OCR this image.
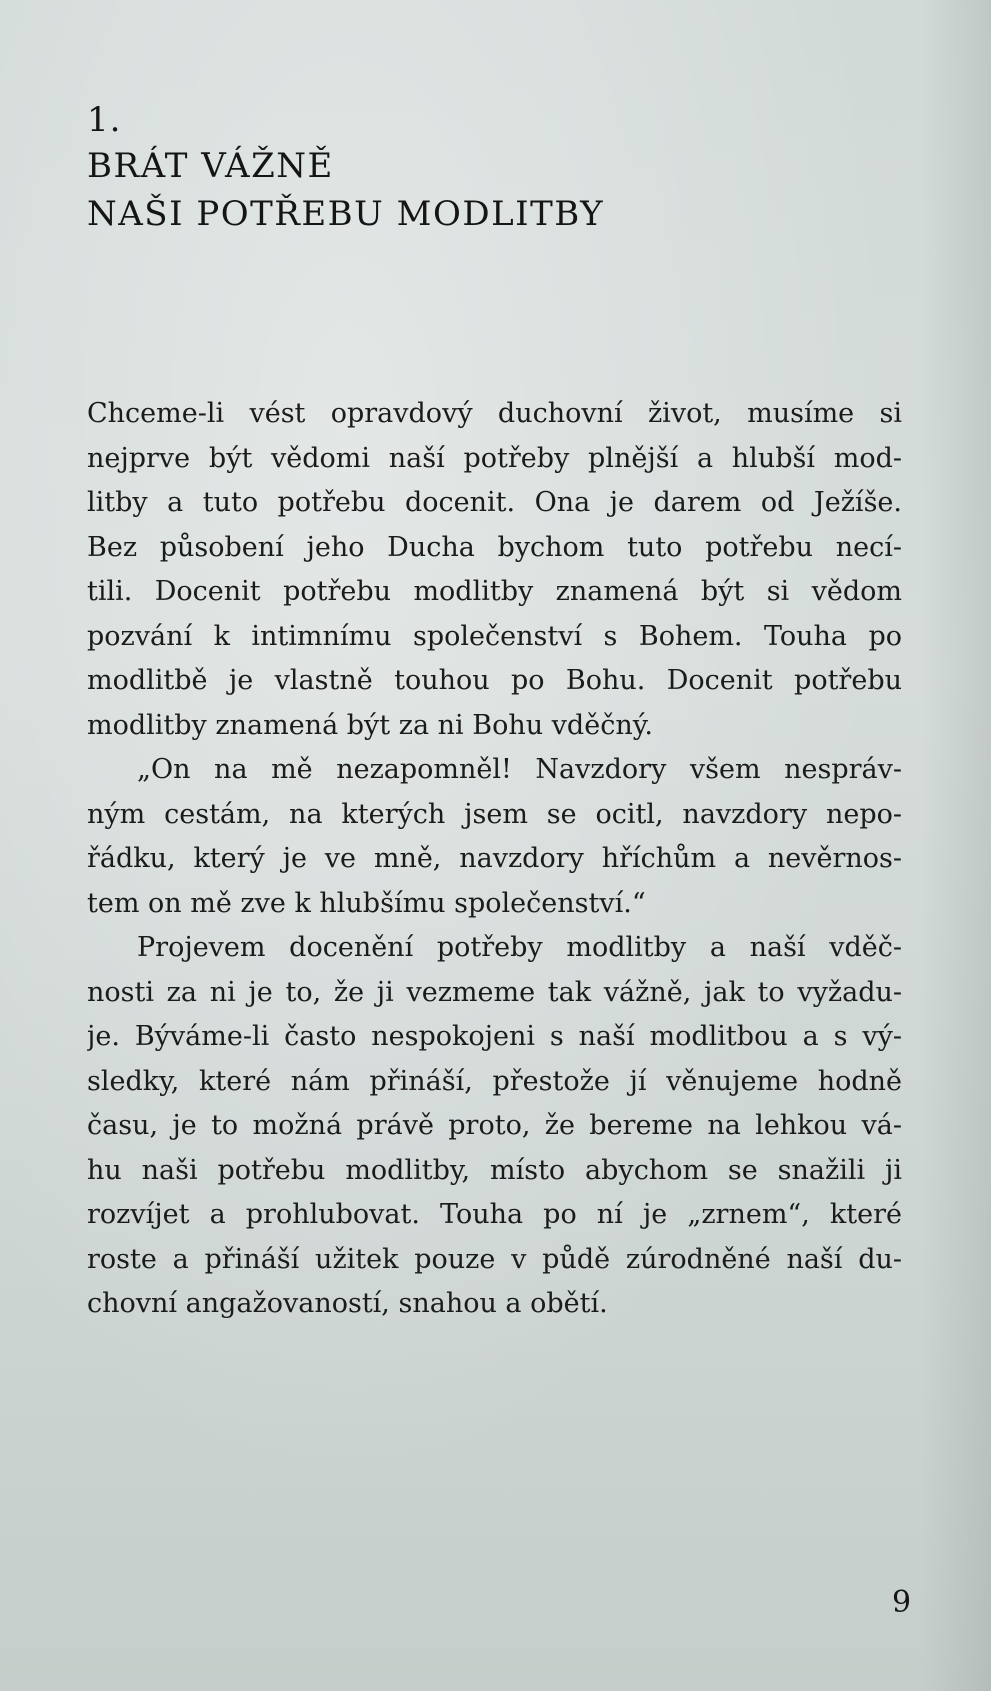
1.
BRÁT VÁŽNĚ
NAŠI POTŘEBU MODLITBY

Chceme-li vést opravdový duchovní život, musíme si
nejprve být vědomi naší potřeby plnější a hlubší mod-
litby a tuto potřebu docenit. Ona je darem od Ježíše.
Bez působení jeho Ducha bychom tuto potřebu necí-
tili. Docenit potřebu modlitby znamená být si vědom
pozvání k intimnímu společenství s Bohem. Touha po
modlitbě je vlastně touhou po Bohu. Docenit potřebu
modlitby znamená být za ni Bohu vděčný.

„On na mě nezapomněl! Navzdory všem nespráv-
ným cestám, na kterých jsem se ocitl, navzdory nepo-
řádku, který je ve mně, navzdory hříchům a nevěrnos-
tem on mě zve k hlubšímu společenství.“

Projevem docenění potřeby modlitby a naší vděč-
nosti za ni je to, že ji vezmeme tak vážně, jak to vyžadu-
je. Býváme-li často nespokojeni s naší modlitbou a s vý-
sledky, které nám přináší, přestože jí věnujeme hodně
času, je to možná právě proto, že bereme na lehkou vá-
hu naši potřebu modlitby, místo abychom se snažili ji
rozvíjet a prohlubovat. Touha po ní je „zrnem“, které
roste a přináší užitek pouze v půdě zúrodněné naší du-
chovní angažovaností, snahou a obětí.

9
